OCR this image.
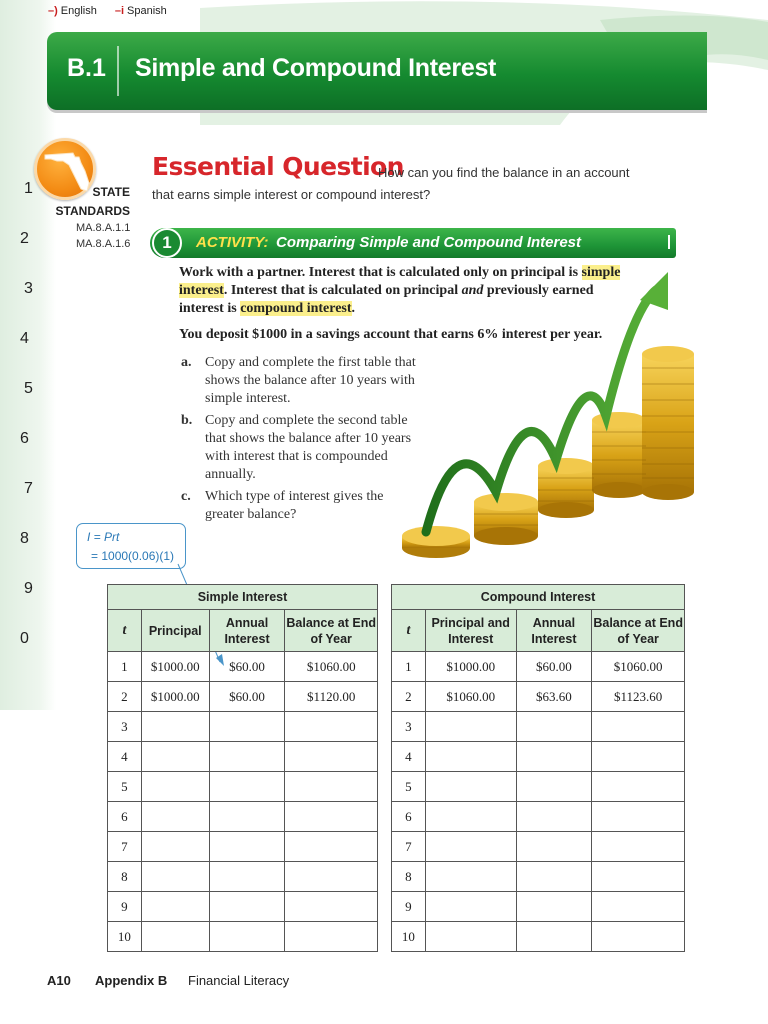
1
2
3
4
5
6
7
8
9
0
–) English –i Spanish
B.1 Simple and Compound Interest
STATE
STANDARDS
MA.8.A.1.1
MA.8.A.1.6
Essential Question
How can you find the balance in an account
that earns simple interest or compound interest?
1	ACTIVITY: Comparing Simple and Compound Interest
Work with a partner. Interest that is calculated only on principal is simple interest. Interest that is calculated on principal and previously earned interest is compound interest.
You deposit $1000 in a savings account that earns 6% interest per year.
a. Copy and complete the first table that shows the balance after 10 years with simple interest.
b. Copy and complete the second table that shows the balance after 10 years with interest that is compounded annually.
c. Which type of interest gives the greater balance?
I = Prt
= 1000(0.06)(1)
Simple Interest			
t	Principal	Annual Interest	Balance at End of Year
1	$1000.00	$60.00	$1060.00
2	$1000.00	$60.00	$1120.00
3			
4			
5			
6			
7			
8			
9			
10			
Compound Interest			
t	Principal and Interest	Annual Interest	Balance at End of Year
1	$1000.00	$60.00	$1060.00
2	$1060.00	$63.60	$1123.60
3			
4			
5			
6			
7			
8			
9			
10			
A10 Appendix B Financial Literacy
